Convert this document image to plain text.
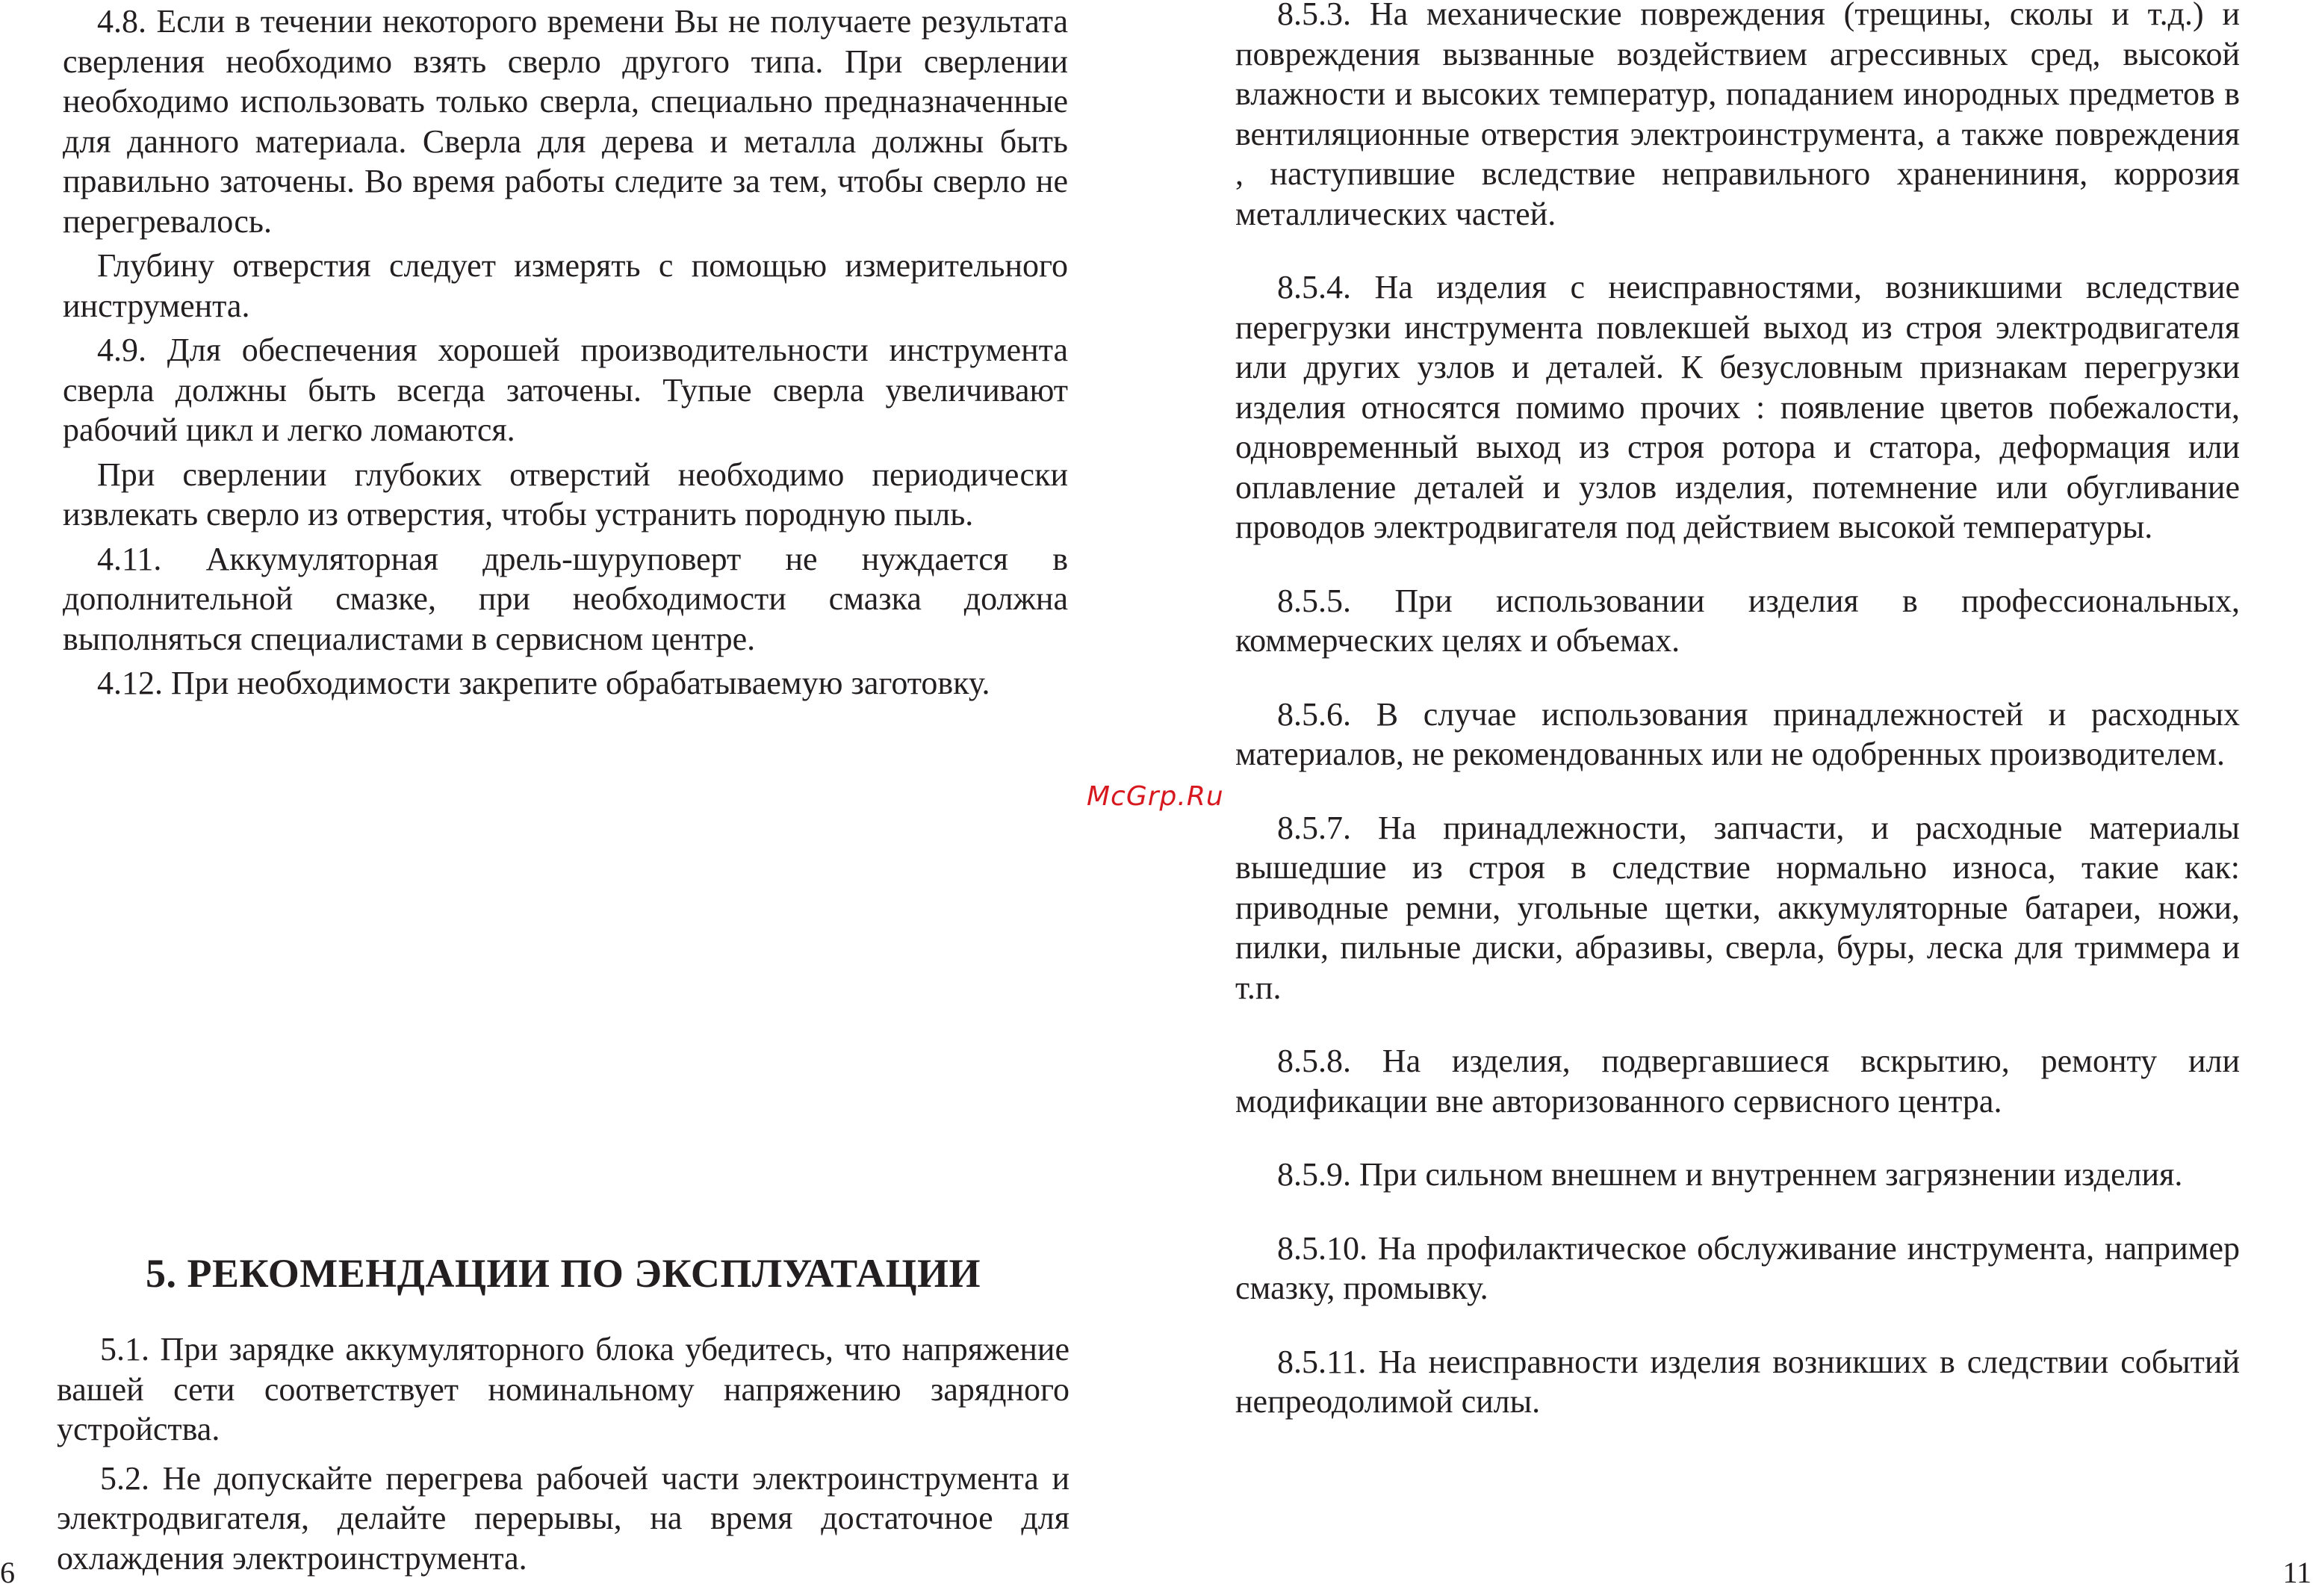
4.8. Если в течении некоторого времени Вы не получаете результата сверления необходимо взять сверло другого типа. При сверлении необходимо использовать только сверла, специально предназначенные для данного материала. Сверла для дерева и металла должны быть правильно заточены. Во время работы следите за тем, чтобы сверло не перегревалось.

Глубину отверстия следует измерять с помощью измерительного инструмента.

4.9. Для обеспечения хорошей производительности инструмента сверла должны быть всегда заточены. Тупые сверла увеличивают рабочий цикл и легко ломаются.

При сверлении глубоких отверстий необходимо периодически извлекать сверло из отверстия, чтобы устранить породную пыль.

4.11. Аккумуляторная дрель-шуруповерт не нуждается в дополнительной смазке, при необходимости смазка должна выполняться специалистами в сервисном центре.

4.12. При необходимости закрепите обрабатываемую заготовку.

5. РЕКОМЕНДАЦИИ ПО ЭКСПЛУАТАЦИИ

5.1. При зарядке аккумуляторного блока убедитесь, что напряжение вашей сети соответствует номинальному напряжению зарядного устройства.

5.2. Не допускайте перегрева рабочей части электроинструмента и электродвигателя, делайте перерывы, на время достаточное для охлаждения электроинструмента.

6

8.5.3. На механические повреждения (трещины, сколы и т.д.) и повреждения вызванные воздействием агрессивных сред, высокой влажности и высоких температур, попаданием инородных предметов в вентиляционные отверстия электроинструмента, а также повреждения , наступившие вследствие неправильного храненининя, коррозия металлических частей.

8.5.4. На изделия с неисправностями, возникшими вследствие перегрузки инструмента повлекшей выход из строя электродвигателя или других узлов и деталей. К безусловным признакам перегрузки изделия относятся помимо прочих : появление цветов побежалости, одновременный выход из строя ротора и статора, деформация или оплавление деталей и узлов изделия, потемнение или обугливание проводов электродвигателя под действием высокой температуры.

8.5.5. При использовании изделия в профессиональных, коммерческих целях и объемах.

8.5.6. В случае использования принадлежностей и расходных материалов, не рекомендованных или не одобренных производителем.

8.5.7. На принадлежности, запчасти, и расходные материалы вышедшие из строя в следствие нормально износа, такие как: приводные ремни, угольные щетки, аккумуляторные батареи, ножи, пилки, пильные диски, абразивы, сверла, буры, леска для триммера и т.п.

8.5.8. На изделия, подвергавшиеся вскрытию, ремонту или модификации вне авторизованного сервисного центра.

8.5.9. При сильном внешнем и внутреннем загрязнении изделия.

8.5.10. На профилактическое обслуживание инструмента, например смазку, промывку.

8.5.11. На неисправности изделия возникших в следствии событий непреодолимой силы.

11
McGrp.Ru
